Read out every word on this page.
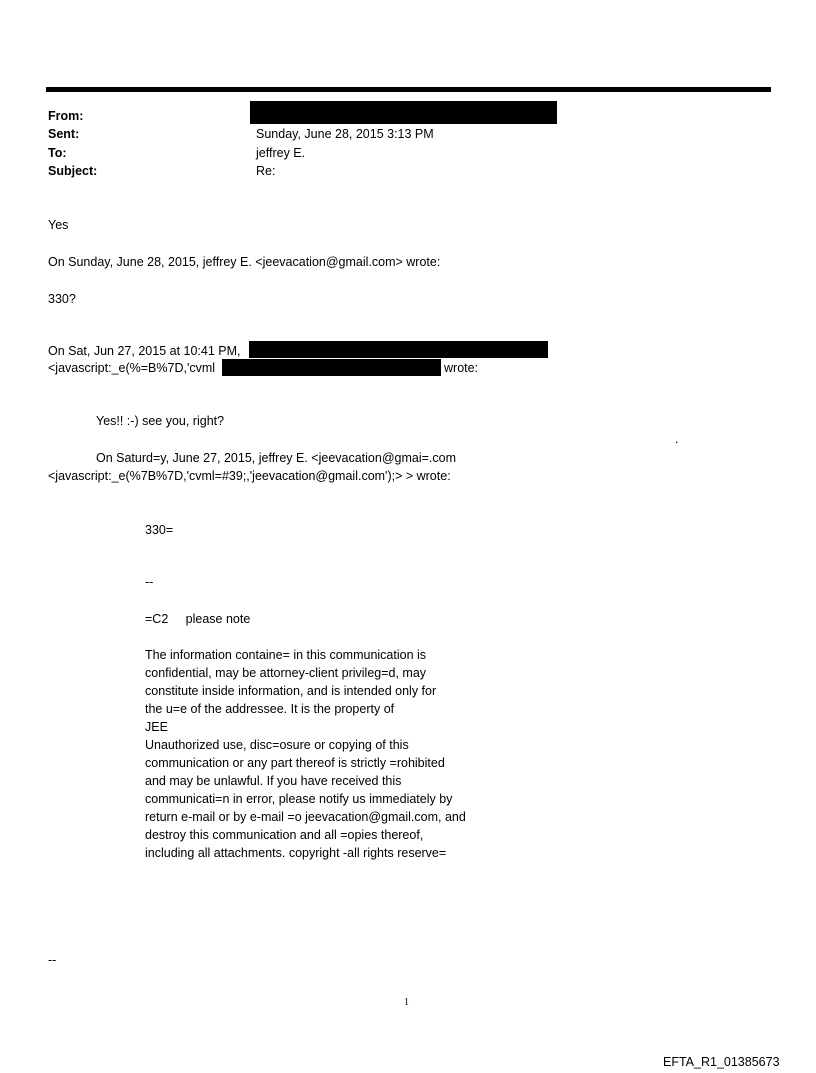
From:
Sent:	Sunday, June 28, 2015 3:13 PM
To:	jeffrey E.
Subject:	Re:
Yes
On Sunday, June 28, 2015, jeffrey E. <jeevacation@gmail.com> wrote:
330?
On Sat, Jun 27, 2015 at 10:41 PM,
<javascript:_e(%=B%7D,'cvml	wrote:
Yes!! :-) see you, right?
.
On Saturd=y, June 27, 2015, jeffrey E. <jeevacation@gmai=.com
<javascript:_e(%7B%7D,'cvml=#39;,'jeevacation@gmail.com');> > wrote:
330=
--
=C2     please note
The information containe= in this communication is
confidential, may be attorney-client privileg=d, may
constitute inside information, and is intended only for
the u=e of the addressee. It is the property of
JEE
Unauthorized use, disc=osure or copying of this
communication or any part thereof is strictly =rohibited
and may be unlawful. If you have received this
communicati=n in error, please notify us immediately by
return e-mail or by e-mail =o jeevacation@gmail.com, and
destroy this communication and all =opies thereof,
including all attachments. copyright -all rights reserve=
--
1
EFTA_R1_01385673
